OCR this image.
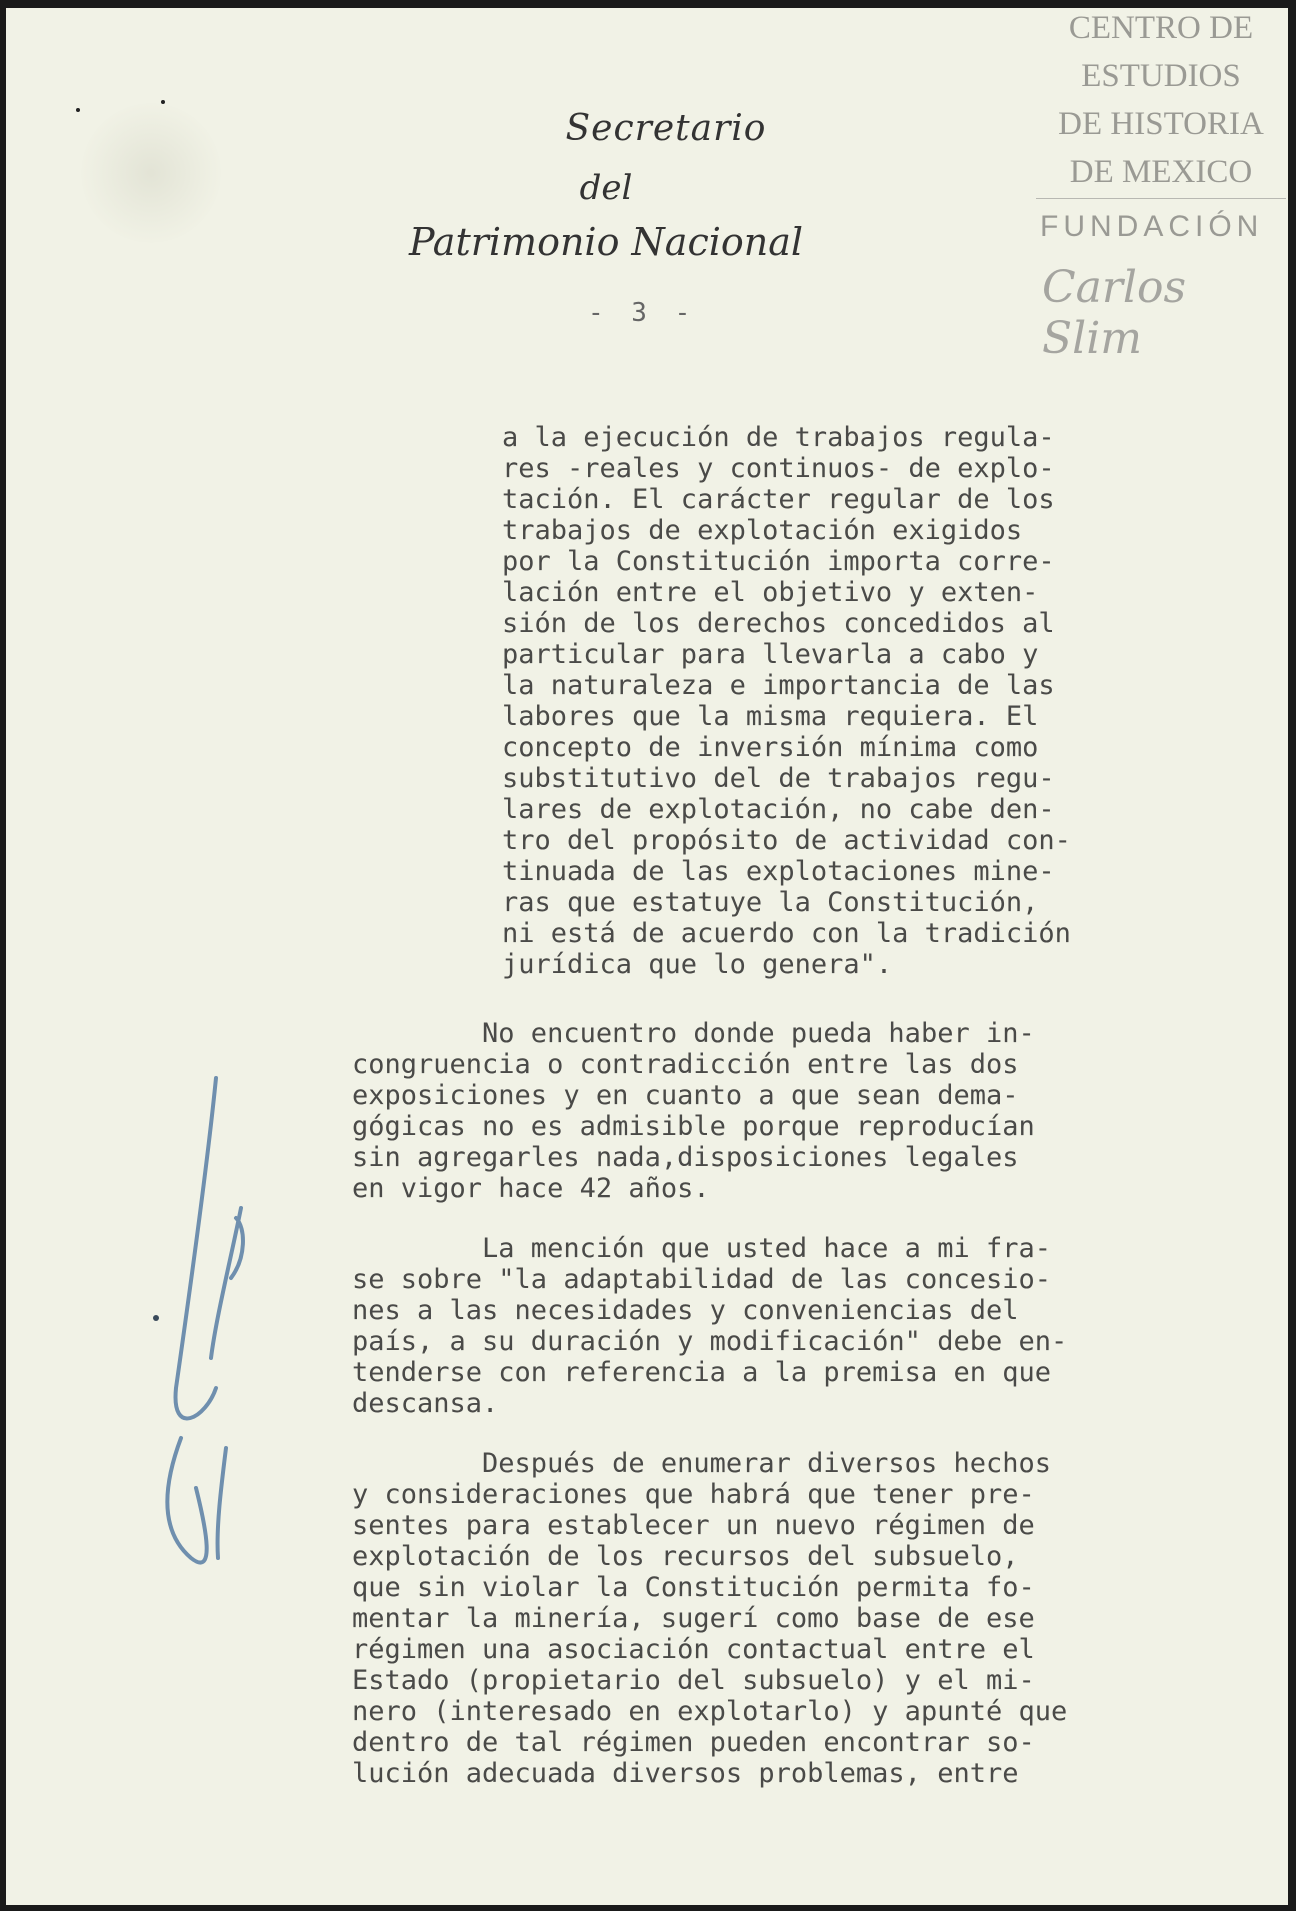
Secretario
del
Patrimonio Nacional
- 3 -

a la ejecución de trabajos regula-
res -reales y continuos- de explo-
tación. El carácter regular de los
trabajos de explotación exigidos
por la Constitución importa corre-
lación entre el objetivo y exten-
sión de los derechos concedidos al
particular para llevarla a cabo y
la naturaleza e importancia de las
labores que la misma requiera. El
concepto de inversión mínima como
substitutivo del de trabajos regu-
lares de explotación, no cabe den-
tro del propósito de actividad con-
tinuada de las explotaciones mine-
ras que estatuye la Constitución,
ni está de acuerdo con la tradición
jurídica que lo genera".

No encuentro donde pueda haber in-
congruencia o contradicción entre las dos
exposiciones y en cuanto a que sean dema-
gógicas no es admisible porque reproducían
sin agregarles nada,disposiciones legales
en vigor hace 42 años.

La mención que usted hace a mi fra-
se sobre "la adaptabilidad de las concesio-
nes a las necesidades y conveniencias del
país, a su duración y modificación" debe en-
tenderse con referencia a la premisa en que
descansa.

Después de enumerar diversos hechos
y consideraciones que habrá que tener pre-
sentes para establecer un nuevo régimen de
explotación de los recursos del subsuelo,
que sin violar la Constitución permita fo-
mentar la minería, sugerí como base de ese
régimen una asociación contactual entre el
Estado (propietario del subsuelo) y el mi-
nero (interesado en explotarlo) y apunté que
dentro de tal régimen pueden encontrar so-
lución adecuada diversos problemas, entre

CENTRO DE
ESTUDIOS
DE HISTORIA
DE MEXICO
FUNDACIÓN
Carlos Slim
